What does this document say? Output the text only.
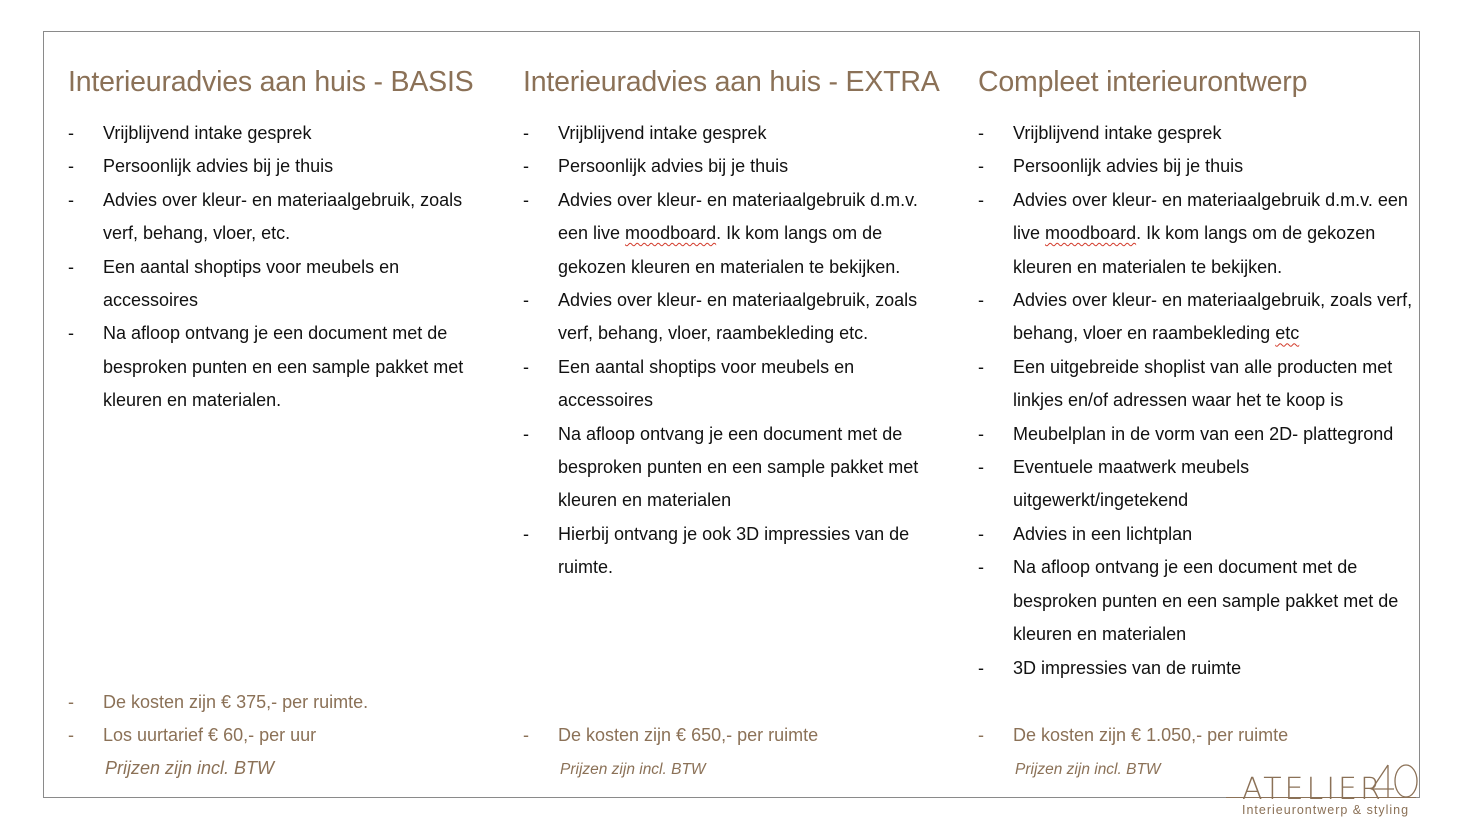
Interieuradvies aan huis - BASIS
- Vrijblijvend intake gesprek
- Persoonlijk advies bij je thuis
- Advies over kleur- en materiaalgebruik, zoals verf, behang, vloer, etc.
- Een aantal shoptips voor meubels en accessoires
- Na afloop ontvang je een document met de besproken punten en een sample pakket met kleuren en materialen.
- De kosten zijn € 375,- per ruimte.
- Los uurtarief € 60,- per uur
Prijzen zijn incl. BTW
Interieuradvies aan huis - EXTRA
- Vrijblijvend intake gesprek
- Persoonlijk advies bij je thuis
- Advies over kleur- en materiaalgebruik d.m.v. een live moodboard. Ik kom langs om de gekozen kleuren en materialen te bekijken.
- Advies over kleur- en materiaalgebruik, zoals verf, behang, vloer, raambekleding etc.
- Een aantal shoptips voor meubels en accessoires
- Na afloop ontvang je een document met de besproken punten en een sample pakket met kleuren en materialen
- Hierbij ontvang je ook 3D impressies van de ruimte.
- De kosten zijn € 650,- per ruimte
Prijzen zijn incl. BTW
Compleet interieurontwerp
- Vrijblijvend intake gesprek
- Persoonlijk advies bij je thuis
- Advies over kleur- en materiaalgebruik d.m.v. een live moodboard. Ik kom langs om de gekozen kleuren en materialen te bekijken.
- Advies over kleur- en materiaalgebruik, zoals verf, behang, vloer en raambekleding etc
- Een uitgebreide shoplist van alle producten met linkjes en/of adressen waar het te koop is
- Meubelplan in de vorm van een 2D- plattegrond
- Eventuele maatwerk meubels uitgewerkt/ingetekend
- Advies in een lichtplan
- Na afloop ontvang je een document met de besproken punten en een sample pakket met de kleuren en materialen
- 3D impressies van de ruimte
- De kosten zijn € 1.050,- per ruimte
Prijzen zijn incl. BTW
ATELIER
Interieurontwerp & styling
